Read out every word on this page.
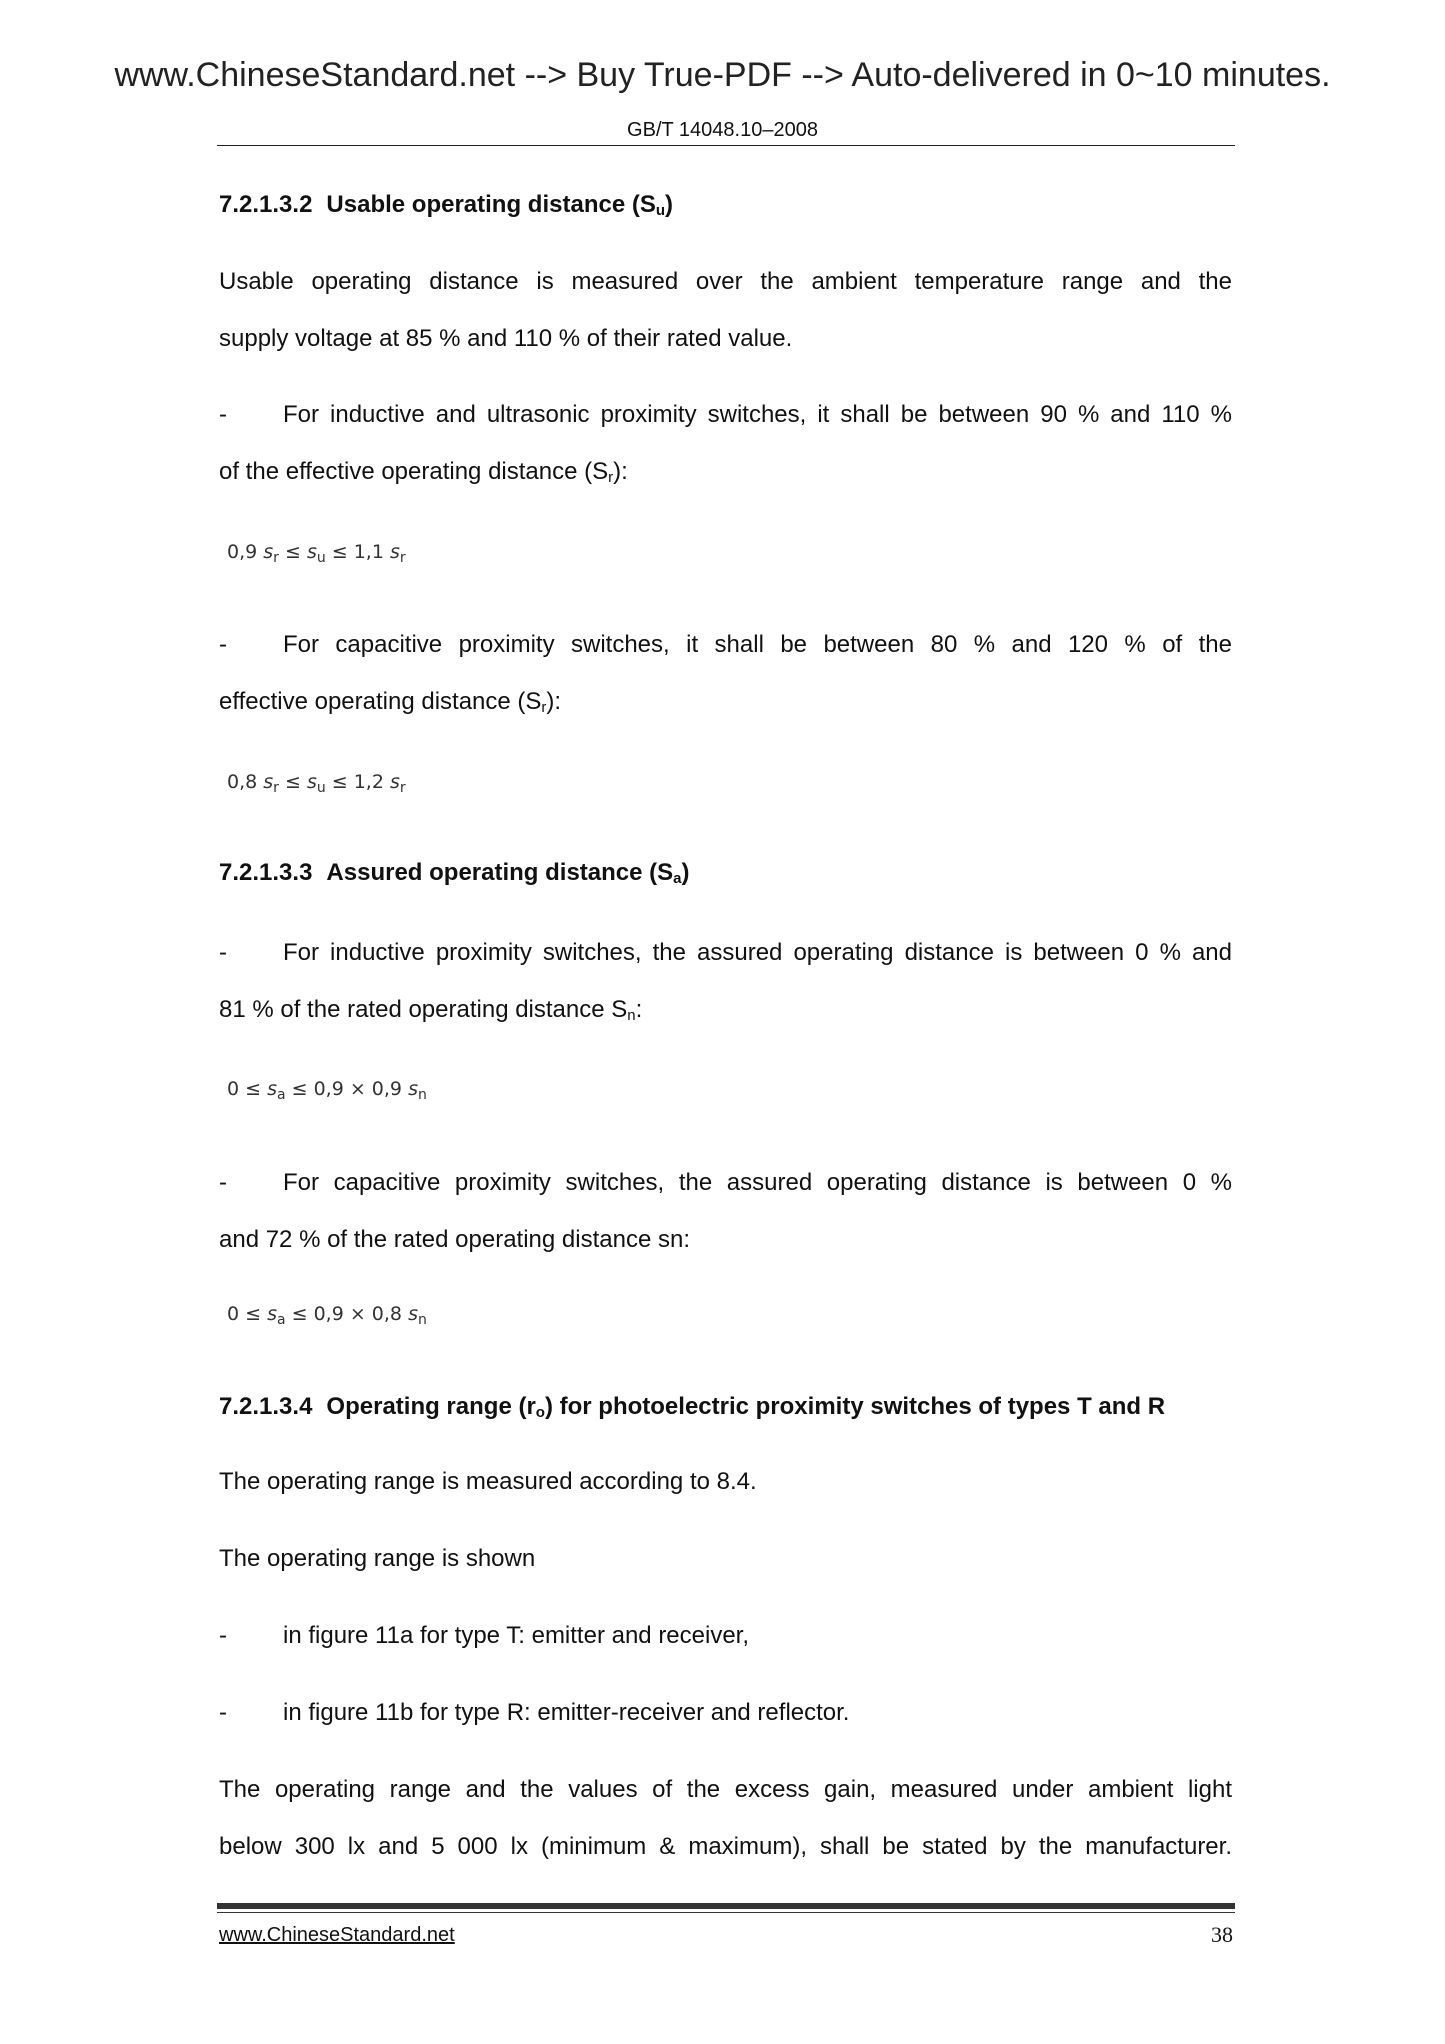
www.ChineseStandard.net --> Buy True-PDF --> Auto-delivered in 0~10 minutes.
GB/T 14048.10–2008
7.2.1.3.2 Usable operating distance (Su)
Usable operating distance is measured over the ambient temperature range and the
supply voltage at 85 % and 110 % of their rated value.
-	For inductive and ultrasonic proximity switches, it shall be between 90 % and 110 %
of the effective operating distance (Sr):
0,9 $s_r \le s_u \le 1,1$ $s_r$
-	For capacitive proximity switches, it shall be between 80 % and 120 % of the
effective operating distance (Sr):
0,8 $s_r \le s_u \le 1,2$ $s_r$
7.2.1.3.3 Assured operating distance (Sa)
-	For inductive proximity switches, the assured operating distance is between 0 % and
81 % of the rated operating distance Sn:
$0 \le s_a \le 0,9 \times 0,9$ $s_n$
-	For capacitive proximity switches, the assured operating distance is between 0 %
and 72 % of the rated operating distance sn:
$0 \le s_a \le 0,9 \times 0,8$ $s_n$
7.2.1.3.4 Operating range (ro) for photoelectric proximity switches of types T and R
The operating range is measured according to 8.4.
The operating range is shown
-	in figure 11a for type T: emitter and receiver,
-	in figure 11b for type R: emitter-receiver and reflector.
The operating range and the values of the excess gain, measured under ambient light
below 300 lx and 5 000 lx (minimum & maximum), shall be stated by the manufacturer.
www.ChineseStandard.net	38
